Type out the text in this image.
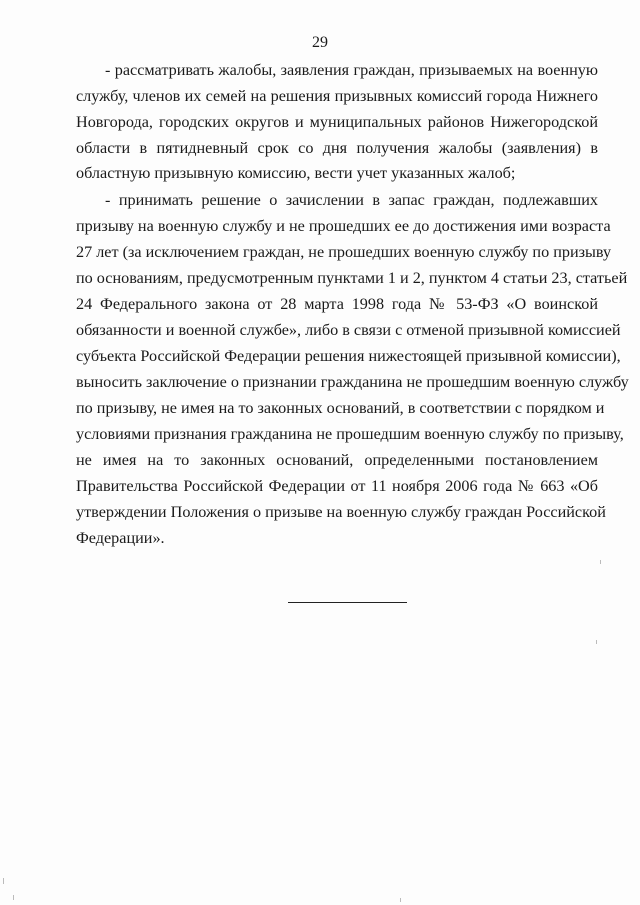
29
- рассматривать жалобы, заявления граждан, призываемых на военную
службу, членов их семей на решения призывных комиссий города Нижнего
Новгорода, городских округов и муниципальных районов Нижегородской
области в пятидневный срок со дня получения жалобы (заявления) в
областную призывную комиссию, вести учет указанных жалоб;
- принимать решение о зачислении в запас граждан, подлежавших
призыву на военную службу и не прошедших ее до достижения ими возраста
27 лет (за исключением граждан, не прошедших военную службу по призыву
по основаниям, предусмотренным пунктами 1 и 2, пунктом 4 статьи 23, статьей
24 Федерального закона от 28 марта 1998 года № 53-ФЗ «О воинской
обязанности и военной службе», либо в связи с отменой призывной комиссией
субъекта Российской Федерации решения нижестоящей призывной комиссии),
выносить заключение о признании гражданина не прошедшим военную службу
по призыву, не имея на то законных оснований, в соответствии с порядком и
условиями признания гражданина не прошедшим военную службу по призыву,
не имея на то законных оснований, определенными постановлением
Правительства Российской Федерации от 11 ноября 2006 года № 663 «Об
утверждении Положения о призыве на военную службу граждан Российской
Федерации».
